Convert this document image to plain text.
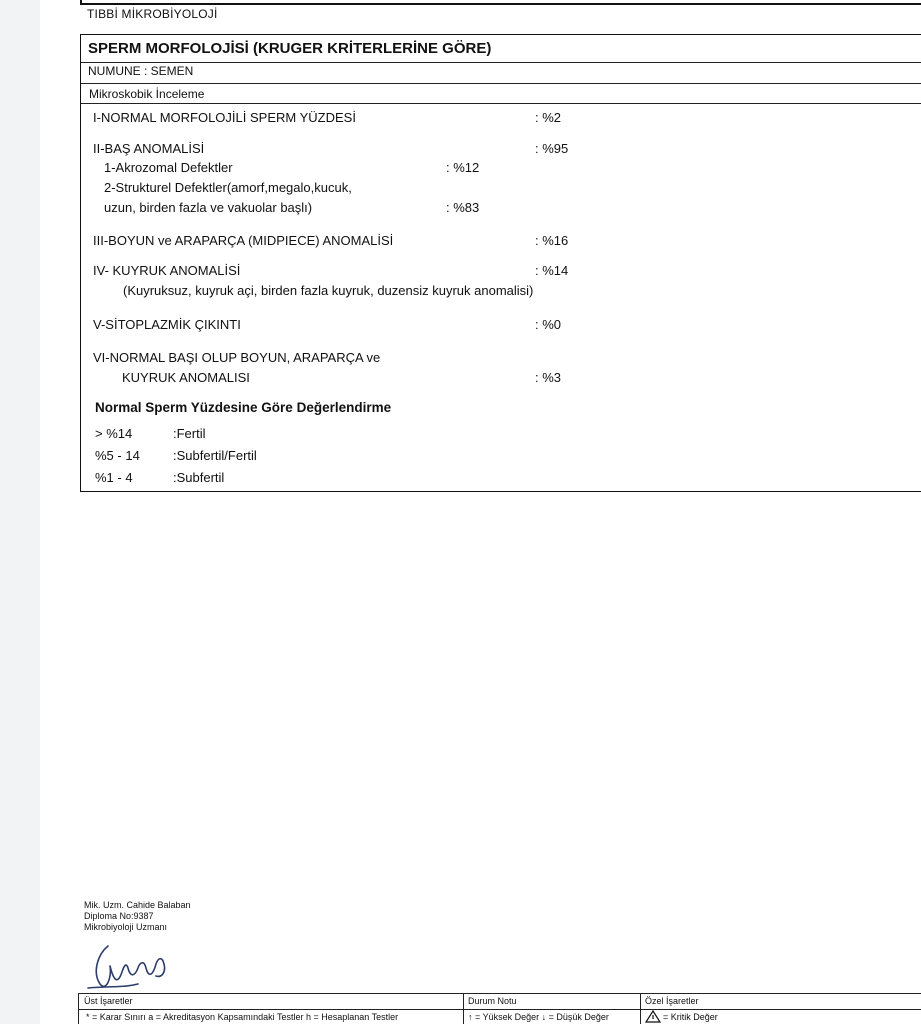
TIBBİ MİKROBİYOLOJİ
SPERM MORFOLOJİSİ (KRUGER KRİTERLERİNE GÖRE)
NUMUNE : SEMEN
Mikroskobik İnceleme
I-NORMAL MORFOLOJİLİ SPERM YÜZDESİ	: %2
II-BAŞ ANOMALİSİ	: %95
1-Akrozomal Defektler	: %12
2-Strukturel Defektler(amorf,megalo,kucuk,
uzun, birden fazla ve vakuolar başlı)	: %83
III-BOYUN ve ARAPARÇA (MIDPIECE) ANOMALİSİ	: %16
IV- KUYRUK ANOMALİSİ	: %14
(Kuyruksuz, kuyruk açi, birden fazla kuyruk, duzensiz kuyruk anomalisi)
V-SİTOPLAZMİK ÇIKINTI	: %0
VI-NORMAL BAŞI OLUP BOYUN, ARAPARÇA ve
KUYRUK ANOMALISI	: %3
Normal Sperm Yüzdesine Göre Değerlendirme
> %14	:Fertil
%5 - 14	:Subfertil/Fertil
%1 - 4	:Subfertil
Mik. Uzm. Cahide Balaban
Diploma No:9387
Mikrobiyoloji Uzmanı
Üst İşaretler	Durum Notu	Özel İşaretler
* = Karar Sınırı a = Akreditasyon Kapsamındaki Testler h = Hesaplanan Testler	↑ = Yüksek Değer ↓ = Düşük Değer	= Kritik Değer
